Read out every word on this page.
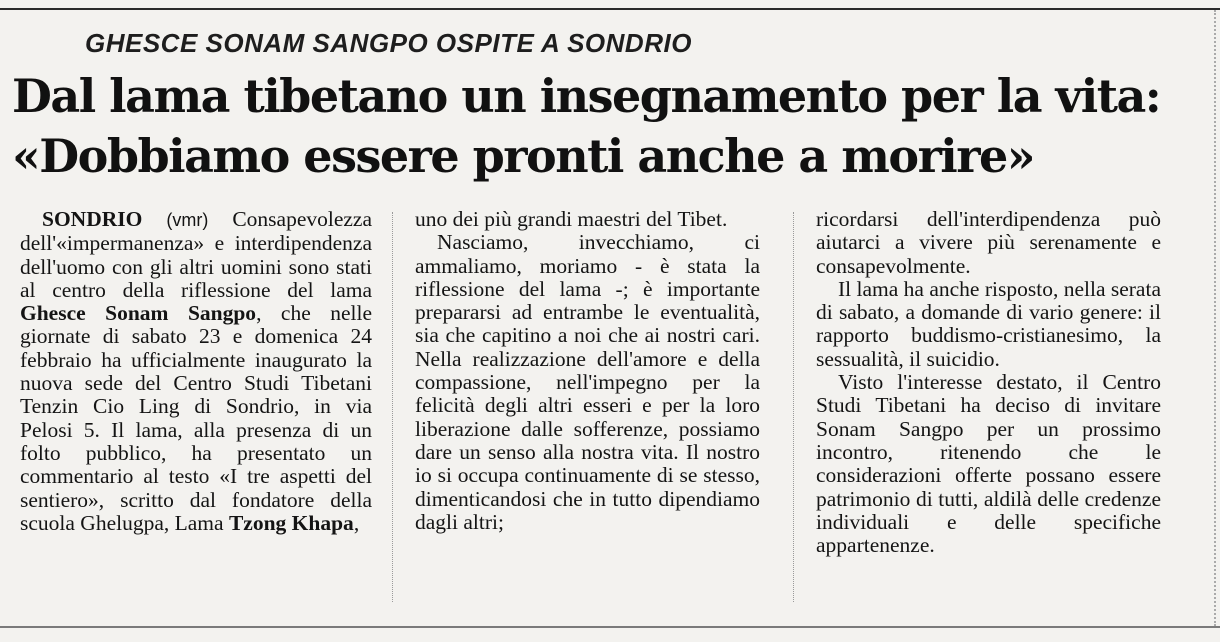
GHESCE SONAM SANGPO OSPITE A SONDRIO
Dal lama tibetano un insegnamento per la vita:
«Dobbiamo essere pronti anche a morire»

SONDRIO (vmr) Consapevolezza dell'«impermanenza» e interdipendenza dell'uomo con gli altri uomini sono stati al centro della riflessione del lama Ghesce Sonam Sangpo, che nelle giornate di sabato 23 e domenica 24 febbraio ha ufficialmente inaugurato la nuova sede del Centro Studi Tibetani Tenzin Cio Ling di Sondrio, in via Pelosi 5. Il lama, alla presenza di un folto pubblico, ha presentato un commentario al testo «I tre aspetti del sentiero», scritto dal fondatore della scuola Ghelugpa, Lama Tzong Khapa,

uno dei più grandi maestri del Tibet.

Nasciamo, invecchiamo, ci ammaliamo, moriamo - è stata la riflessione del lama -; è importante prepararsi ad entrambe le eventualità, sia che capitino a noi che ai nostri cari. Nella realizzazione dell'amore e della compassione, nell'impegno per la felicità degli altri esseri e per la loro liberazione dalle sofferenze, possiamo dare un senso alla nostra vita. Il nostro io si occupa continuamente di se stesso, dimenticandosi che in tutto dipendiamo dagli altri;

ricordarsi dell'interdipendenza può aiutarci a vivere più serenamente e consapevolmente.

Il lama ha anche risposto, nella serata di sabato, a domande di vario genere: il rapporto buddismo-cristianesimo, la sessualità, il suicidio.

Visto l'interesse destato, il Centro Studi Tibetani ha deciso di invitare Sonam Sangpo per un prossimo incontro, ritenendo che le considerazioni offerte possano essere patrimonio di tutti, aldilà delle credenze individuali e delle specifiche appartenenze.
